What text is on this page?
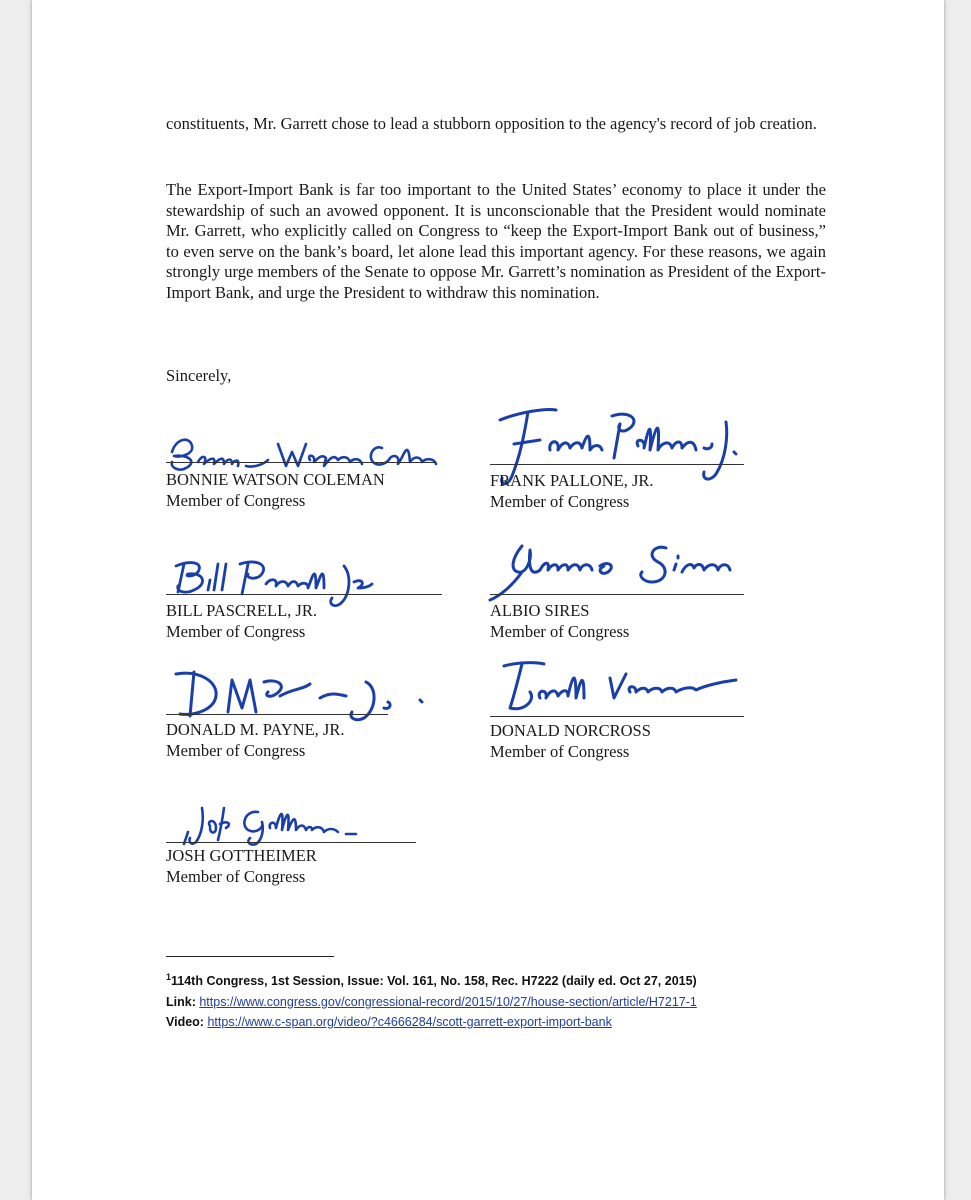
constituents, Mr. Garrett chose to lead a stubborn opposition to the agency's record of job creation.

The Export-Import Bank is far too important to the United States’ economy to place it under the stewardship of such an avowed opponent. It is unconscionable that the President would nominate Mr. Garrett, who explicitly called on Congress to “keep the Export-Import Bank out of business,” to even serve on the bank’s board, let alone lead this important agency. For these reasons, we again strongly urge members of the Senate to oppose Mr. Garrett’s nomination as President of the Export-Import Bank, and urge the President to withdraw this nomination.

Sincerely,
BONNIE WATSON COLEMAN
Member of Congress
FRANK PALLONE, JR.
Member of Congress
BILL PASCRELL, JR.
Member of Congress
ALBIO SIRES
Member of Congress
DONALD M. PAYNE, JR.
Member of Congress
DONALD NORCROSS
Member of Congress
JOSH GOTTHEIMER
Member of Congress
$^1$114th Congress, 1st Session, Issue: Vol. 161, No. 158, Rec. H7222 (daily ed. Oct 27, 2015)
Link: https://www.congress.gov/congressional-record/2015/10/27/house-section/article/H7217-1
Video: https://www.c-span.org/video/?c4666284/scott-garrett-export-import-bank
